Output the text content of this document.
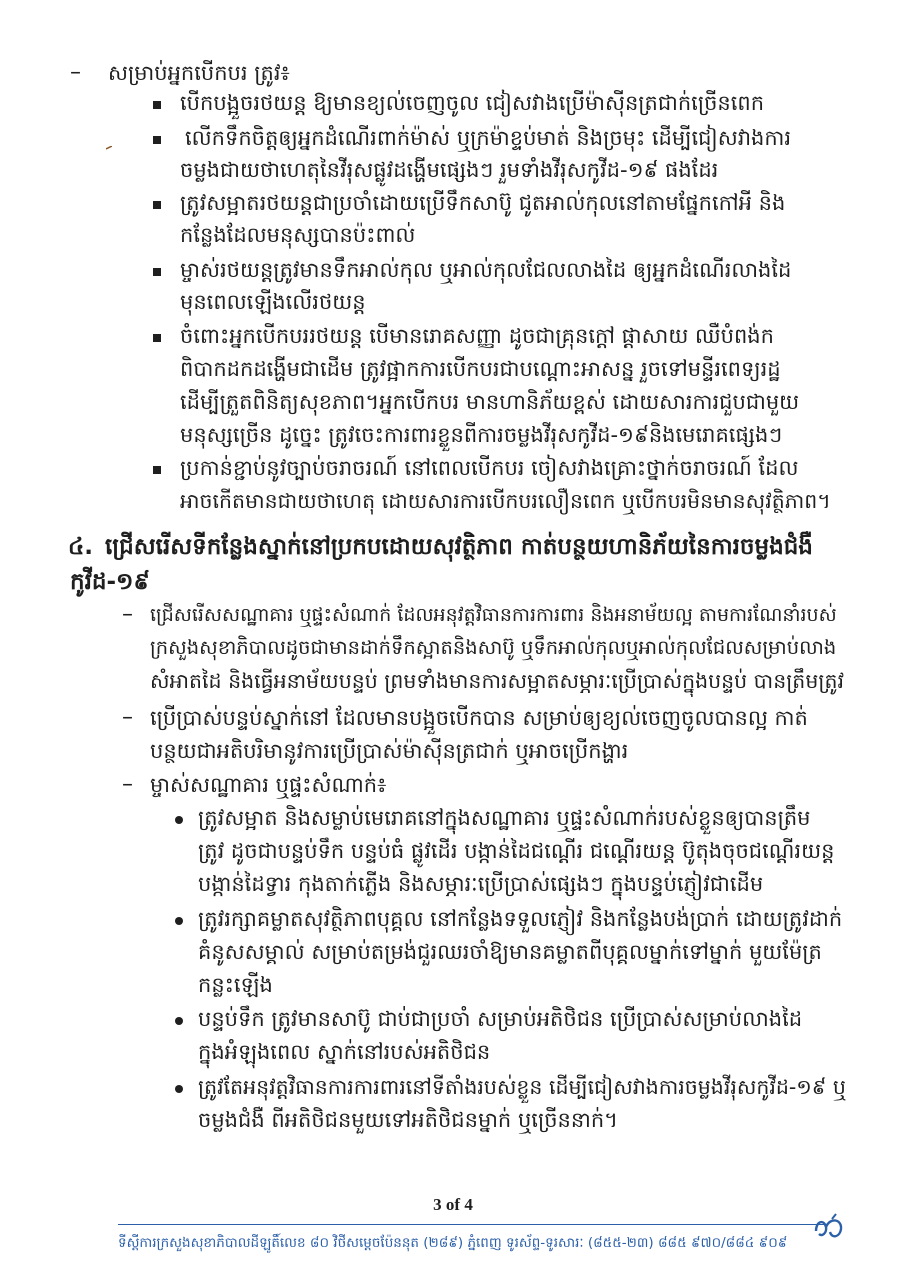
– សម្រាប់អ្នកបើកបរ ត្រូវ៖
បើកបង្អួចរថយន្ត ឱ្យមានខ្យល់ចេញចូល ជៀសវាងប្រើម៉ាស៊ីនត្រជាក់ច្រើនពេក
លើកទឹកចិត្តឲ្យអ្នកដំណើរពាក់ម៉ាស់ ឬក្រម៉ាខ្ទប់មាត់ និងច្រមុះ ដើម្បីជៀសវាងការ
ចម្លងជាយថាហេតុនៃវីរុសផ្លូវដង្ហើមផ្សេងៗ រួមទាំងវីរុសកូវីដ-១៩ ផងដែរ
ត្រូវសម្អាតរថយន្តជាប្រចាំដោយប្រើទឹកសាប៊ូ ជូតអាល់កុលនៅតាមផ្នែកកៅអី និង
កន្លែងដែលមនុស្សបានប៉ះពាល់
ម្ចាស់រថយន្តត្រូវមានទឹកអាល់កុល ឬអាល់កុលជែលលាងដៃ ឲ្យអ្នកដំណើរលាងដៃ
មុនពេលឡើងលើរថយន្ត
ចំពោះអ្នកបើកបររថយន្ត បើមានរោគសញ្ញា ដូចជាគ្រុនក្តៅ ផ្តាសាយ ឈឺបំពង់ក
ពិបាកដកដង្ហើមជាដើម ត្រូវផ្អាកការបើកបរជាបណ្តោះអាសន្ន រួចទៅមន្ទីរពេទ្យរដ្ឋ
ដើម្បីត្រួតពិនិត្យសុខភាព។អ្នកបើកបរ មានហានិភ័យខ្ពស់ ដោយសារការជួបជាមួយ
មនុស្សច្រើន ដូច្នេះ ត្រូវចេះការពារខ្លួនពីការចម្លងវីរុសកូវីដ-១៩និងមេរោគផ្សេងៗ
ប្រកាន់ខ្ជាប់នូវច្បាប់ចរាចរណ៍ នៅពេលបើកបរ ចៀសវាងគ្រោះថ្នាក់ចរាចរណ៍ ដែល
អាចកើតមានជាយថាហេតុ ដោយសារការបើកបរលឿនពេក ឬបើកបរមិនមានសុវត្ថិភាព។
៤. ជ្រើសរើសទីកន្លែងស្នាក់នៅប្រកបដោយសុវត្ថិភាព កាត់បន្ថយហានិភ័យនៃការចម្លងជំងឺ
កូវីដ-១៩
– ជ្រើសរើសសណ្ឋាគារ ឬផ្ទះសំណាក់ ដែលអនុវត្តវិធានការការពារ និងអនាម័យល្អ តាមការណែនាំរបស់
ក្រសួងសុខាភិបាលដូចជាមានដាក់ទឹកស្អាតនិងសាប៊ូ ឬទឹកអាល់កុលឬអាល់កុលជែលសម្រាប់លាង
សំអាតដៃ និងធ្វើអនាម័យបន្ទប់ ព្រមទាំងមានការសម្អាតសម្ភារៈប្រើប្រាស់ក្នុងបន្ទប់ បានត្រឹមត្រូវ
– ប្រើប្រាស់បន្ទប់ស្នាក់នៅ ដែលមានបង្អួចបើកបាន សម្រាប់ឲ្យខ្យល់ចេញចូលបានល្អ កាត់
បន្ថយជាអតិបរិមានូវការប្រើប្រាស់ម៉ាស៊ីនត្រជាក់ ឬអាចប្រើកង្ហារ
– ម្ចាស់សណ្ឋាគារ ឬផ្ទះសំណាក់៖
ត្រូវសម្អាត និងសម្លាប់មេរោគនៅក្នុងសណ្ឋាគារ ឬផ្ទះសំណាក់របស់ខ្លួនឲ្យបានត្រឹម
ត្រូវ ដូចជាបន្ទប់ទឹក បន្ទប់ធំ ផ្លូវដើរ បង្កាន់ដៃជណ្តើរ ជណ្តើរយន្ត ប៊ូតុងចុចជណ្តើរយន្ត
បង្កាន់ដៃទ្វារ កុងតាក់ភ្លើង និងសម្ភារៈប្រើប្រាស់ផ្សេងៗ ក្នុងបន្ទប់ភ្ញៀវជាដើម
ត្រូវរក្សាគម្លាតសុវត្ថិភាពបុគ្គល នៅកន្លែងទទួលភ្ញៀវ និងកន្លែងបង់ប្រាក់ ដោយត្រូវដាក់
គំនូសសម្គាល់ សម្រាប់តម្រង់ជួរឈរចាំឱ្យមានគម្លាតពីបុគ្គលម្នាក់ទៅម្នាក់ មួយម៉ែត្រ
កន្លះឡើង
បន្ទប់ទឹក ត្រូវមានសាប៊ូ ជាប់ជាប្រចាំ សម្រាប់អតិថិជន ប្រើប្រាស់សម្រាប់លាងដៃ
ក្នុងអំឡុងពេល ស្នាក់នៅរបស់អតិថិជន
ត្រូវតែអនុវត្តវិធានការការពារនៅទីតាំងរបស់ខ្លួន ដើម្បីជៀសវាងការចម្លងវីរុសកូវីដ-១៩ ឬ
ចម្លងជំងឺ ពីអតិថិជនមួយទៅអតិថិជនម្នាក់ ឬច្រើននាក់។
3 of 4
ទីស្តីការក្រសួងសុខាភិបាលដីឡូតិ៍លេខ ៨០ វិថីសម្តេចប៉ែននុត (២៨៩) ភ្នំពេញ ទូរស័ព្ទ-ទូរសារៈ (៨៥៥-២៣) ៨៨៥ ៩៧០/៨៨៤ ៩០៩
